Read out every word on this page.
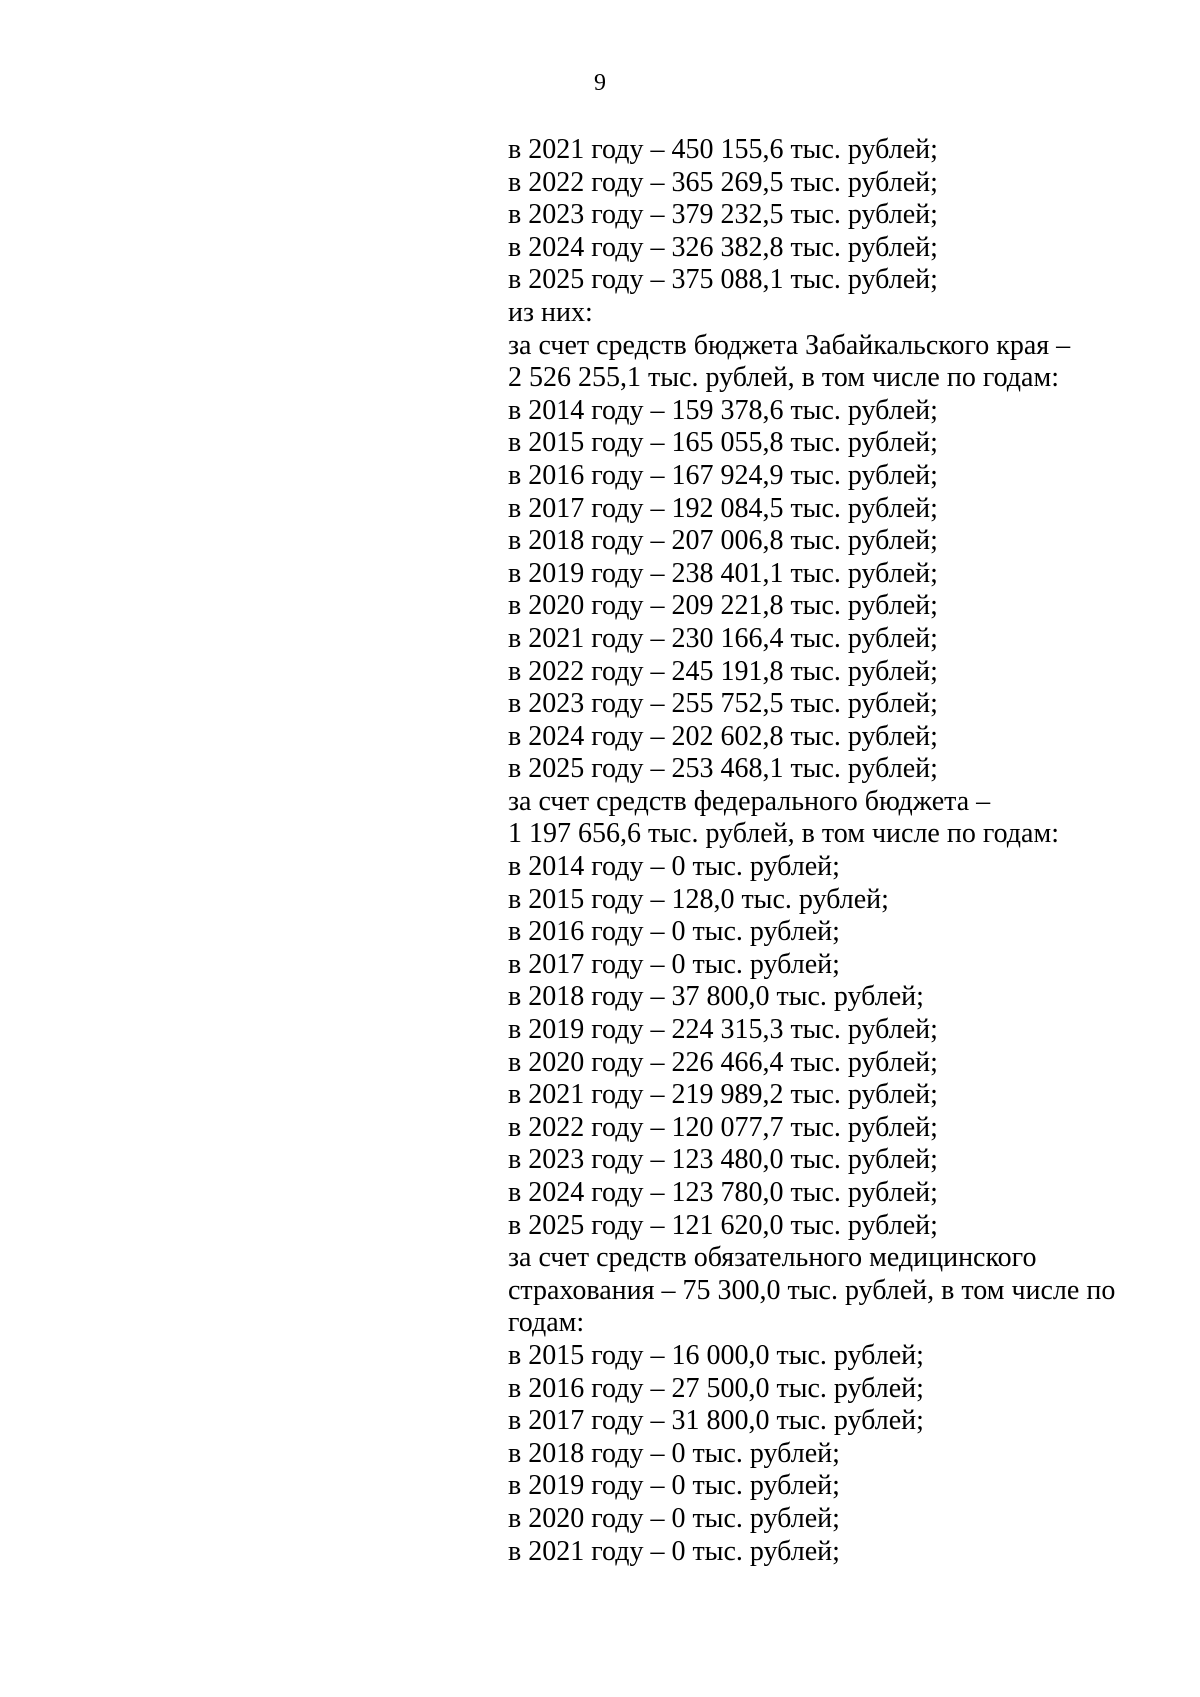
9
в 2021 году – 450 155,6 тыс. рублей;
в 2022 году – 365 269,5 тыс. рублей;
в 2023 году – 379 232,5 тыс. рублей;
в 2024 году – 326 382,8 тыс. рублей;
в 2025 году – 375 088,1 тыс. рублей;
из них:
за счет средств бюджета Забайкальского края –
2 526 255,1 тыс. рублей, в том числе по годам:
в 2014 году – 159 378,6 тыс. рублей;
в 2015 году – 165 055,8 тыс. рублей;
в 2016 году – 167 924,9 тыс. рублей;
в 2017 году – 192 084,5 тыс. рублей;
в 2018 году – 207 006,8 тыс. рублей;
в 2019 году – 238 401,1 тыс. рублей;
в 2020 году – 209 221,8 тыс. рублей;
в 2021 году – 230 166,4 тыс. рублей;
в 2022 году – 245 191,8 тыс. рублей;
в 2023 году – 255 752,5 тыс. рублей;
в 2024 году – 202 602,8 тыс. рублей;
в 2025 году – 253 468,1 тыс. рублей;
за счет средств федерального бюджета –
1 197 656,6 тыс. рублей, в том числе по годам:
в 2014 году – 0 тыс. рублей;
в 2015 году – 128,0 тыс. рублей;
в 2016 году – 0 тыс. рублей;
в 2017 году – 0 тыс. рублей;
в 2018 году – 37 800,0 тыс. рублей;
в 2019 году – 224 315,3 тыс. рублей;
в 2020 году – 226 466,4 тыс. рублей;
в 2021 году – 219 989,2 тыс. рублей;
в 2022 году – 120 077,7 тыс. рублей;
в 2023 году – 123 480,0 тыс. рублей;
в 2024 году – 123 780,0 тыс. рублей;
в 2025 году – 121 620,0 тыс. рублей;
за счет средств обязательного медицинского
страхования – 75 300,0 тыс. рублей, в том числе по
годам:
в 2015 году – 16 000,0 тыс. рублей;
в 2016 году – 27 500,0 тыс. рублей;
в 2017 году – 31 800,0 тыс. рублей;
в 2018 году – 0 тыс. рублей;
в 2019 году – 0 тыс. рублей;
в 2020 году – 0 тыс. рублей;
в 2021 году – 0 тыс. рублей;
